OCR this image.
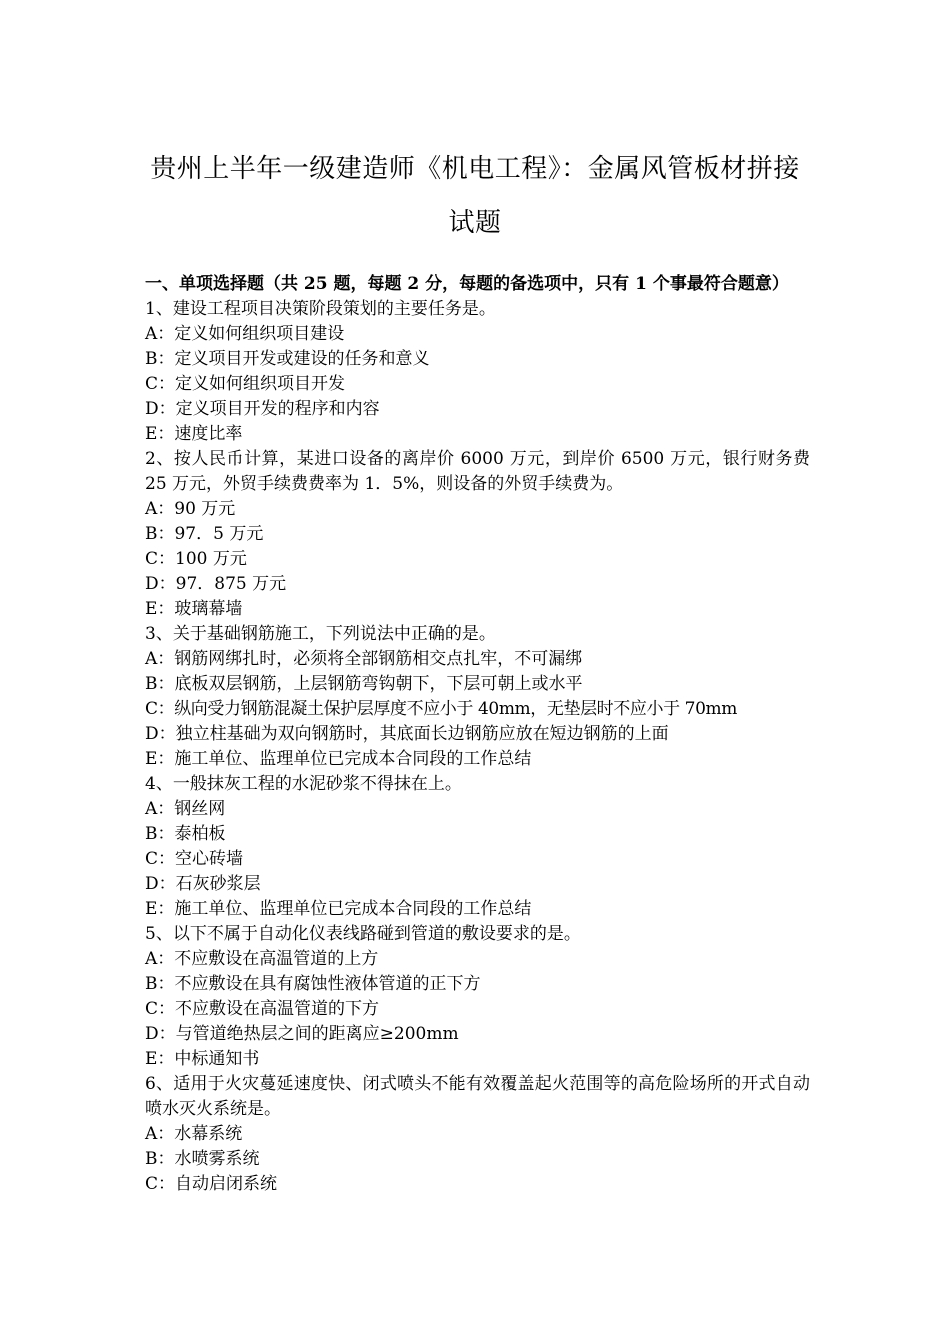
贵州上半年一级建造师《机电工程》：金属风管板材拼接
试题
一、单项选择题（共 25 题，每题 2 分，每题的备选项中，只有 1 个事最符合题意）
1、建设工程项目决策阶段策划的主要任务是。
A：定义如何组织项目建设
B：定义项目开发或建设的任务和意义
C：定义如何组织项目开发
D：定义项目开发的程序和内容
E：速度比率
2、按人民币计算，某进口设备的离岸价 6000 万元，到岸价 6500 万元，银行财务费 25 万元，外贸手续费费率为 1．5%，则设备的外贸手续费为。
A：90 万元
B：97．5 万元
C：100 万元
D：97．875 万元
E：玻璃幕墙
3、关于基础钢筋施工，下列说法中正确的是。
A：钢筋网绑扎时，必须将全部钢筋相交点扎牢，不可漏绑
B：底板双层钢筋，上层钢筋弯钩朝下，下层可朝上或水平
C：纵向受力钢筋混凝土保护层厚度不应小于 40mm，无垫层时不应小于 70mm
D：独立柱基础为双向钢筋时，其底面长边钢筋应放在短边钢筋的上面
E：施工单位、监理单位已完成本合同段的工作总结
4、一般抹灰工程的水泥砂浆不得抹在上。
A：钢丝网
B：泰柏板
C：空心砖墙
D：石灰砂浆层
E：施工单位、监理单位已完成本合同段的工作总结
5、以下不属于自动化仪表线路碰到管道的敷设要求的是。
A：不应敷设在高温管道的上方
B：不应敷设在具有腐蚀性液体管道的正下方
C：不应敷设在高温管道的下方
D：与管道绝热层之间的距离应≥200mm
E：中标通知书
6、适用于火灾蔓延速度快、闭式喷头不能有效覆盖起火范围等的高危险场所的开式自动喷水灭火系统是。
A：水幕系统
B：水喷雾系统
C：自动启闭系统
